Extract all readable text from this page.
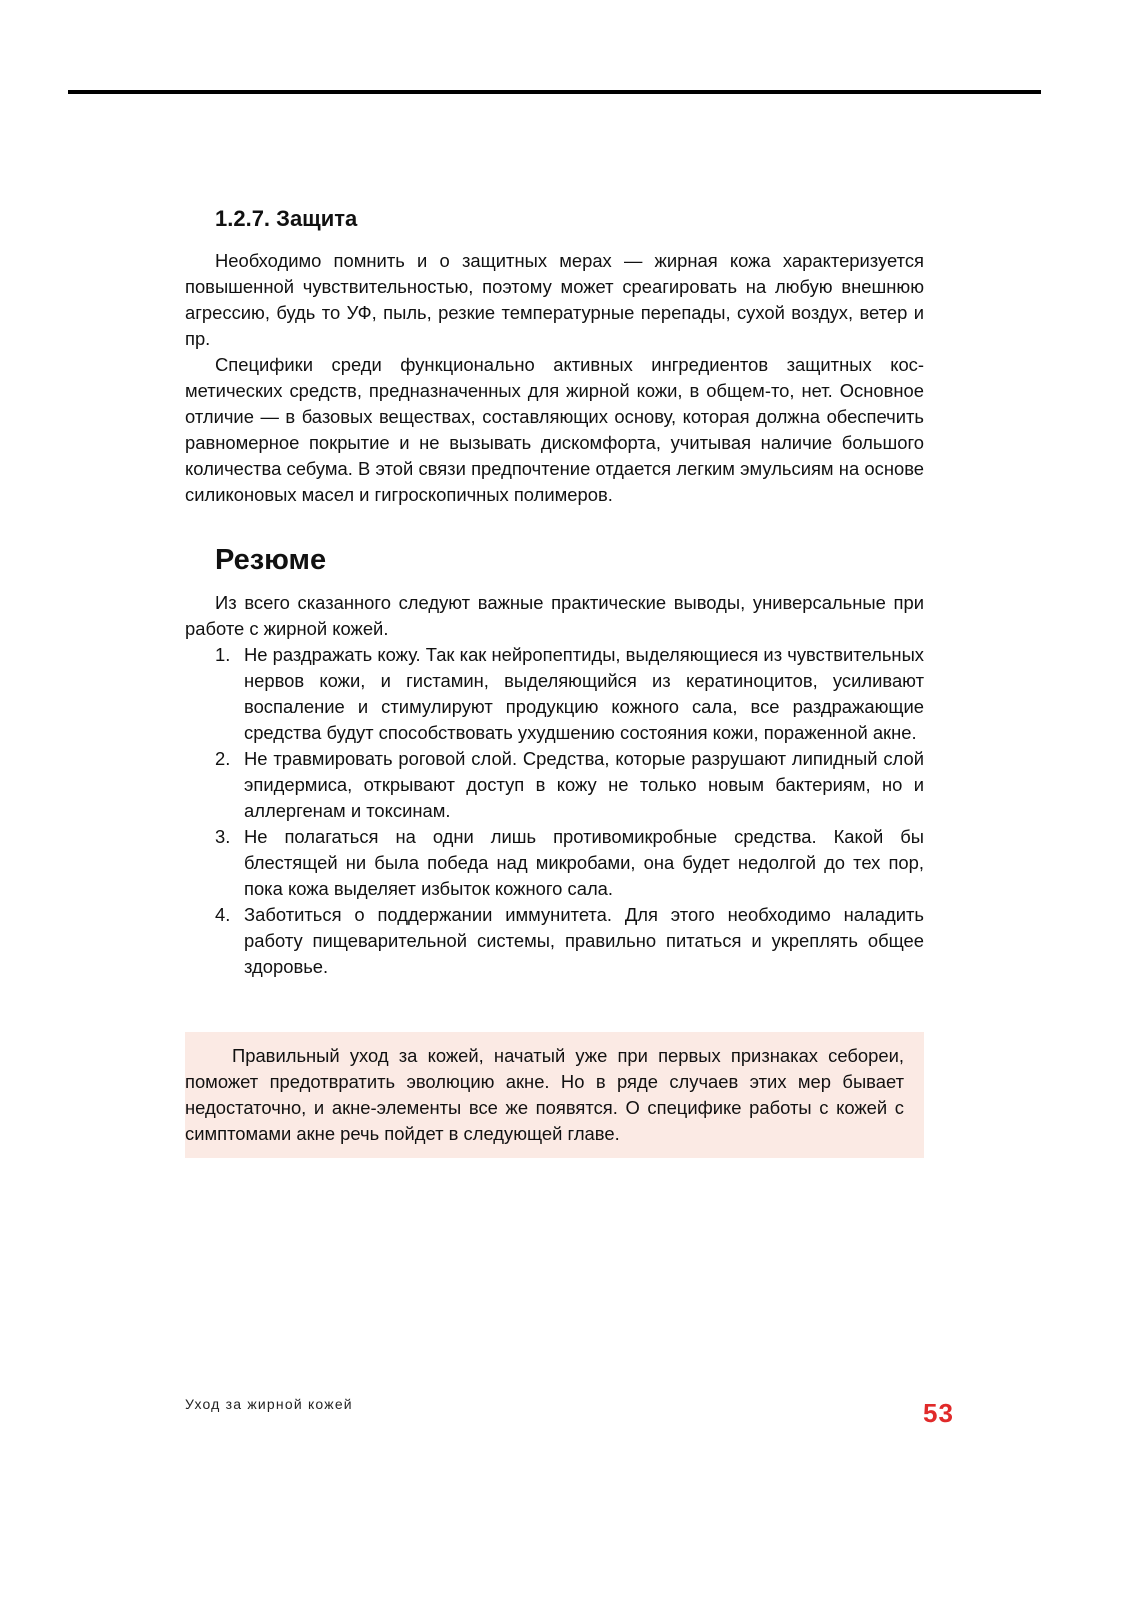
1.2.7. Защита

Необходимо помнить и о защитных мерах — жирная кожа характеризуется повышенной чувствительностью, поэтому может среагировать на любую внешнюю агрессию, будь то УФ, пыль, резкие температурные перепады, сухой воздух, ветер и пр.

Специфики среди функционально активных ингредиентов защитных косметических средств, предназначенных для жирной кожи, в общем-то, нет. Основное отличие — в базовых веществах, составляющих основу, которая должна обеспечить равномерное покрытие и не вызывать дискомфорта, учитывая наличие большого количества себума. В этой связи предпочтение отдается легким эмульсиям на основе силиконовых масел и гигроскопичных полимеров.

Резюме

Из всего сказанного следуют важные практические выводы, универсальные при работе с жирной кожей.

1. Не раздражать кожу. Так как нейропептиды, выделяющиеся из чувствительных нервов кожи, и гистамин, выделяющийся из кератиноцитов, усиливают воспаление и стимулируют продукцию кожного сала, все раздражающие средства будут способствовать ухудшению состояния кожи, пораженной акне.
2. Не травмировать роговой слой. Средства, которые разрушают липидный слой эпидермиса, открывают доступ в кожу не только новым бактериям, но и аллергенам и токсинам.
3. Не полагаться на одни лишь противомикробные средства. Какой бы блестящей ни была победа над микробами, она будет недолгой до тех пор, пока кожа выделяет избыток кожного сала.
4. Заботиться о поддержании иммунитета. Для этого необходимо наладить работу пищеварительной системы, правильно питаться и укреплять общее здоровье.

Правильный уход за кожей, начатый уже при первых признаках себореи, поможет предотвратить эволюцию акне. Но в ряде случаев этих мер бывает недостаточно, и акне-элементы все же появятся. О специфике работы с кожей с симптомами акне речь пойдет в следующей главе.

Уход за жирной кожей	53
